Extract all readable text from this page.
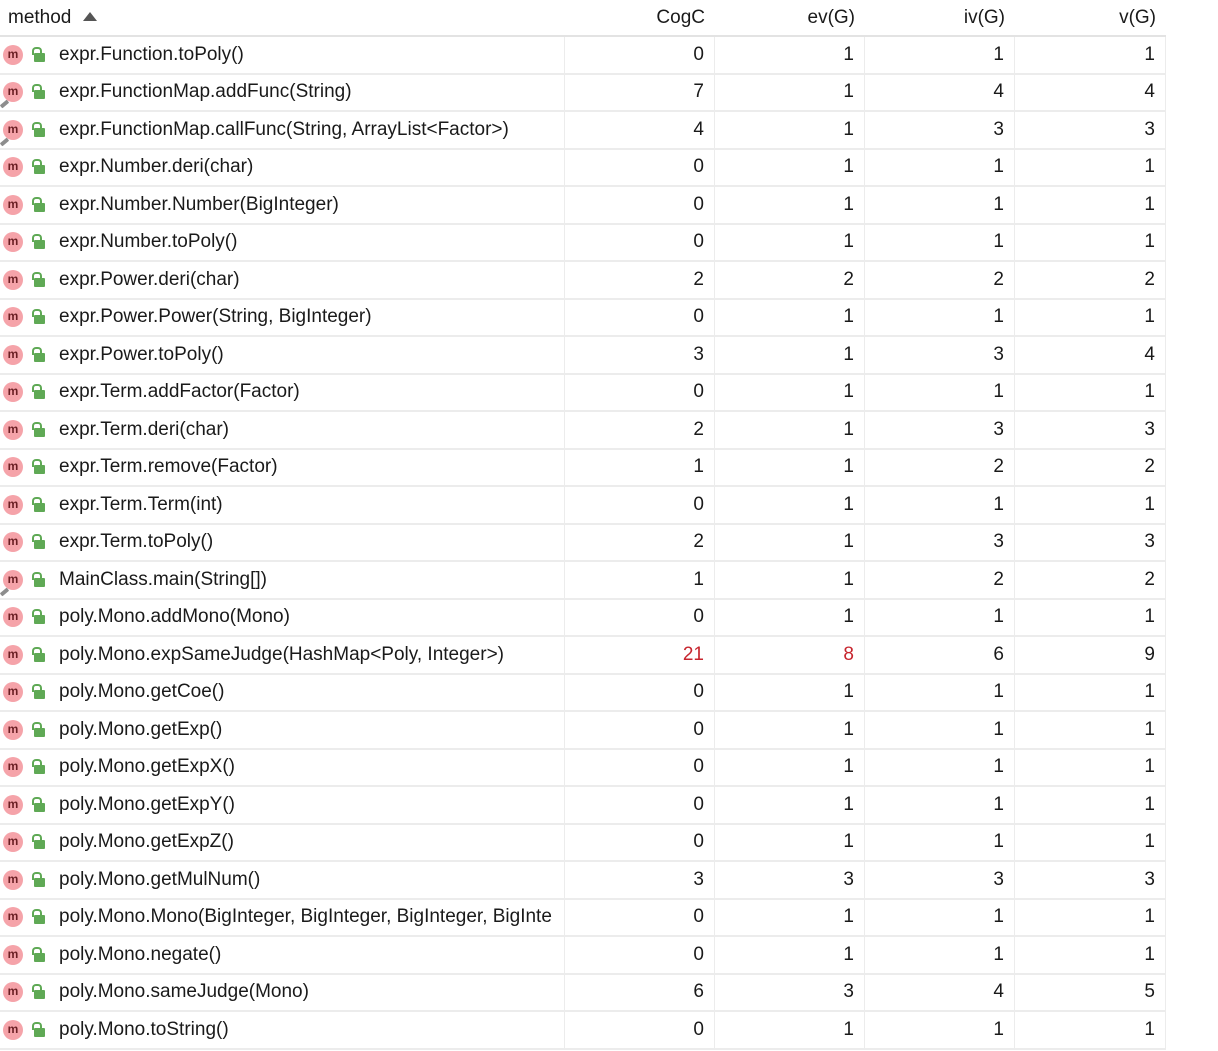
method	CogC	ev(G)	iv(G)	v(G)
m expr.Function.toPoly()	0	1	1	1
m expr.FunctionMap.addFunc(String)	7	1	4	4
m expr.FunctionMap.callFunc(String, ArrayList<Factor>)	4	1	3	3
m expr.Number.deri(char)	0	1	1	1
m expr.Number.Number(BigInteger)	0	1	1	1
m expr.Number.toPoly()	0	1	1	1
m expr.Power.deri(char)	2	2	2	2
m expr.Power.Power(String, BigInteger)	0	1	1	1
m expr.Power.toPoly()	3	1	3	4
m expr.Term.addFactor(Factor)	0	1	1	1
m expr.Term.deri(char)	2	1	3	3
m expr.Term.remove(Factor)	1	1	2	2
m expr.Term.Term(int)	0	1	1	1
m expr.Term.toPoly()	2	1	3	3
m MainClass.main(String[])	1	1	2	2
m poly.Mono.addMono(Mono)	0	1	1	1
m poly.Mono.expSameJudge(HashMap<Poly, Integer>)	21	8	6	9
m poly.Mono.getCoe()	0	1	1	1
m poly.Mono.getExp()	0	1	1	1
m poly.Mono.getExpX()	0	1	1	1
m poly.Mono.getExpY()	0	1	1	1
m poly.Mono.getExpZ()	0	1	1	1
m poly.Mono.getMulNum()	3	3	3	3
m poly.Mono.Mono(BigInteger, BigInteger, BigInteger, BigInte	0	1	1	1
m poly.Mono.negate()	0	1	1	1
m poly.Mono.sameJudge(Mono)	6	3	4	5
m poly.Mono.toString()	0	1	1	1
